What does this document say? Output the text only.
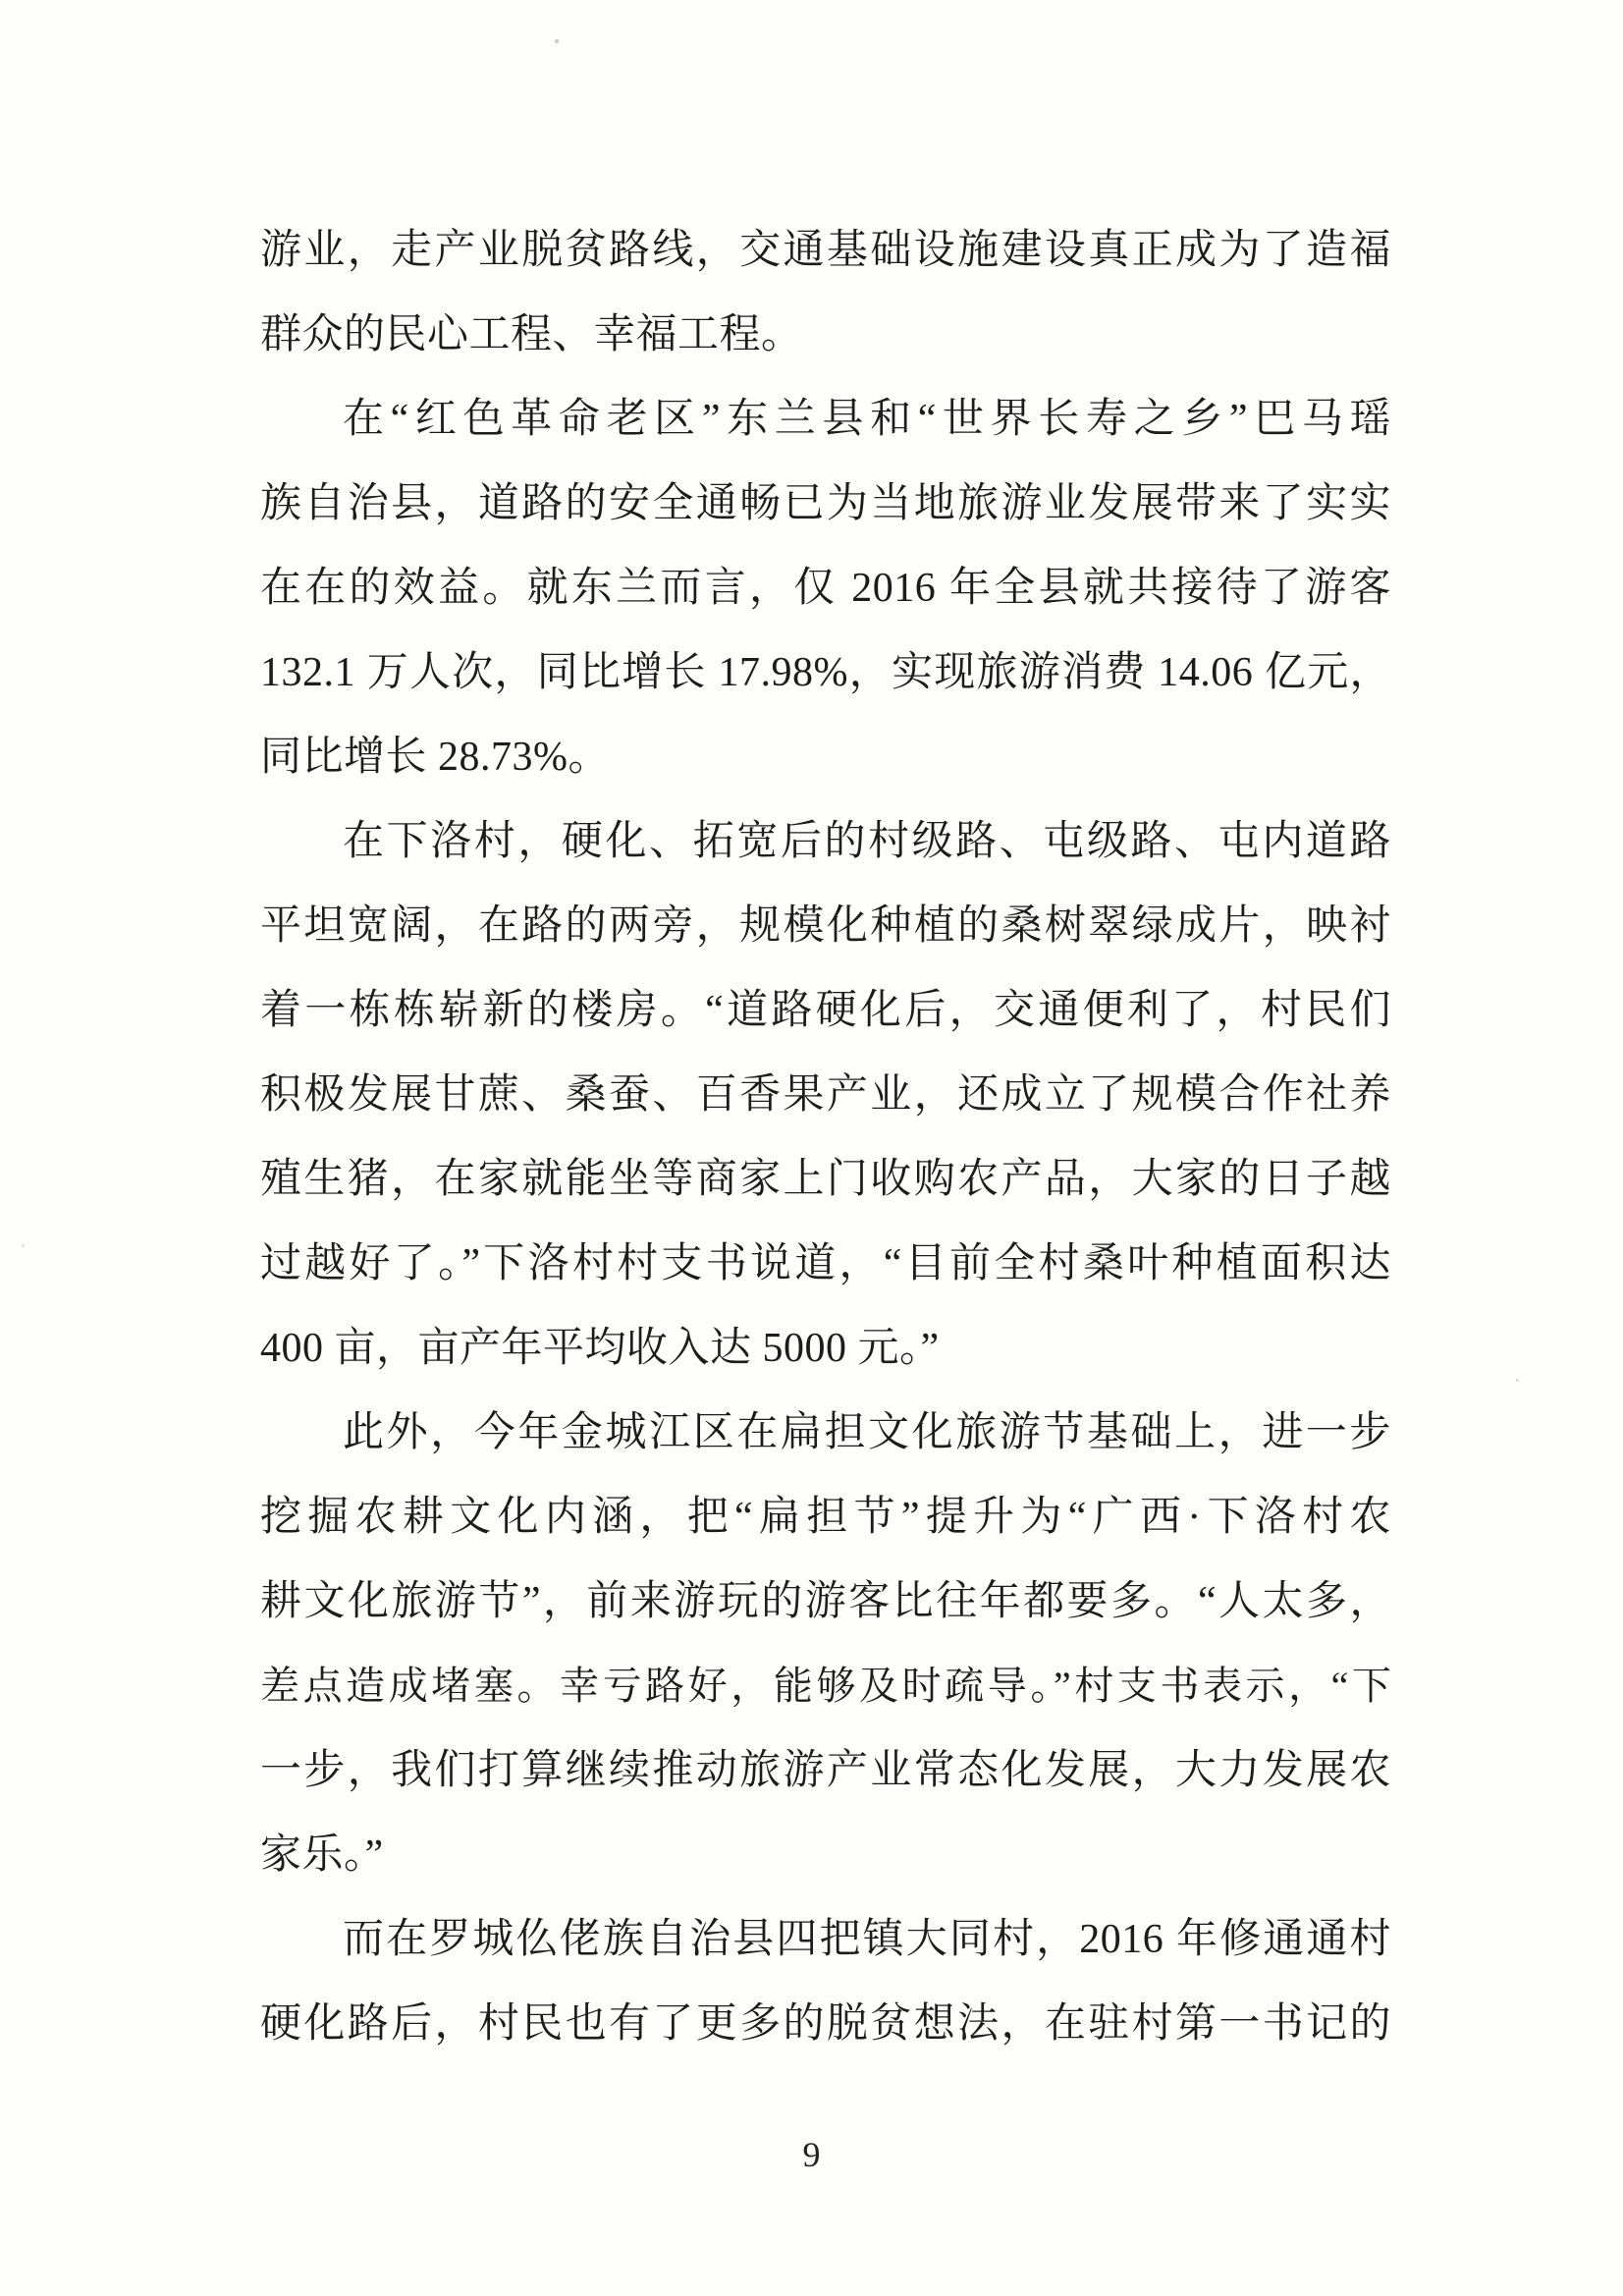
游业，走产业脱贫路线，交通基础设施建设真正成为了造福
群众的民心工程、幸福工程。
在“红色革命老区”东兰县和“世界长寿之乡”巴马瑶
族自治县，道路的安全通畅已为当地旅游业发展带来了实实
在在的效益。就东兰而言，仅 2016 年全县就共接待了游客
132.1 万人次，同比增长 17.98%，实现旅游消费 14.06 亿元，
同比增长 28.73%。
在下洛村，硬化、拓宽后的村级路、屯级路、屯内道路
平坦宽阔，在路的两旁，规模化种植的桑树翠绿成片，映衬
着一栋栋崭新的楼房。“道路硬化后，交通便利了，村民们
积极发展甘蔗、桑蚕、百香果产业，还成立了规模合作社养
殖生猪，在家就能坐等商家上门收购农产品，大家的日子越
过越好了。”下洛村村支书说道，“目前全村桑叶种植面积达
400 亩，亩产年平均收入达 5000 元。”
此外，今年金城江区在扁担文化旅游节基础上，进一步
挖掘农耕文化内涵，把“扁担节”提升为“广西·下洛村农
耕文化旅游节”，前来游玩的游客比往年都要多。“人太多，
差点造成堵塞。幸亏路好，能够及时疏导。”村支书表示，“下
一步，我们打算继续推动旅游产业常态化发展，大力发展农
家乐。”
而在罗城仫佬族自治县四把镇大同村，2016 年修通通村
硬化路后，村民也有了更多的脱贫想法，在驻村第一书记的
9
